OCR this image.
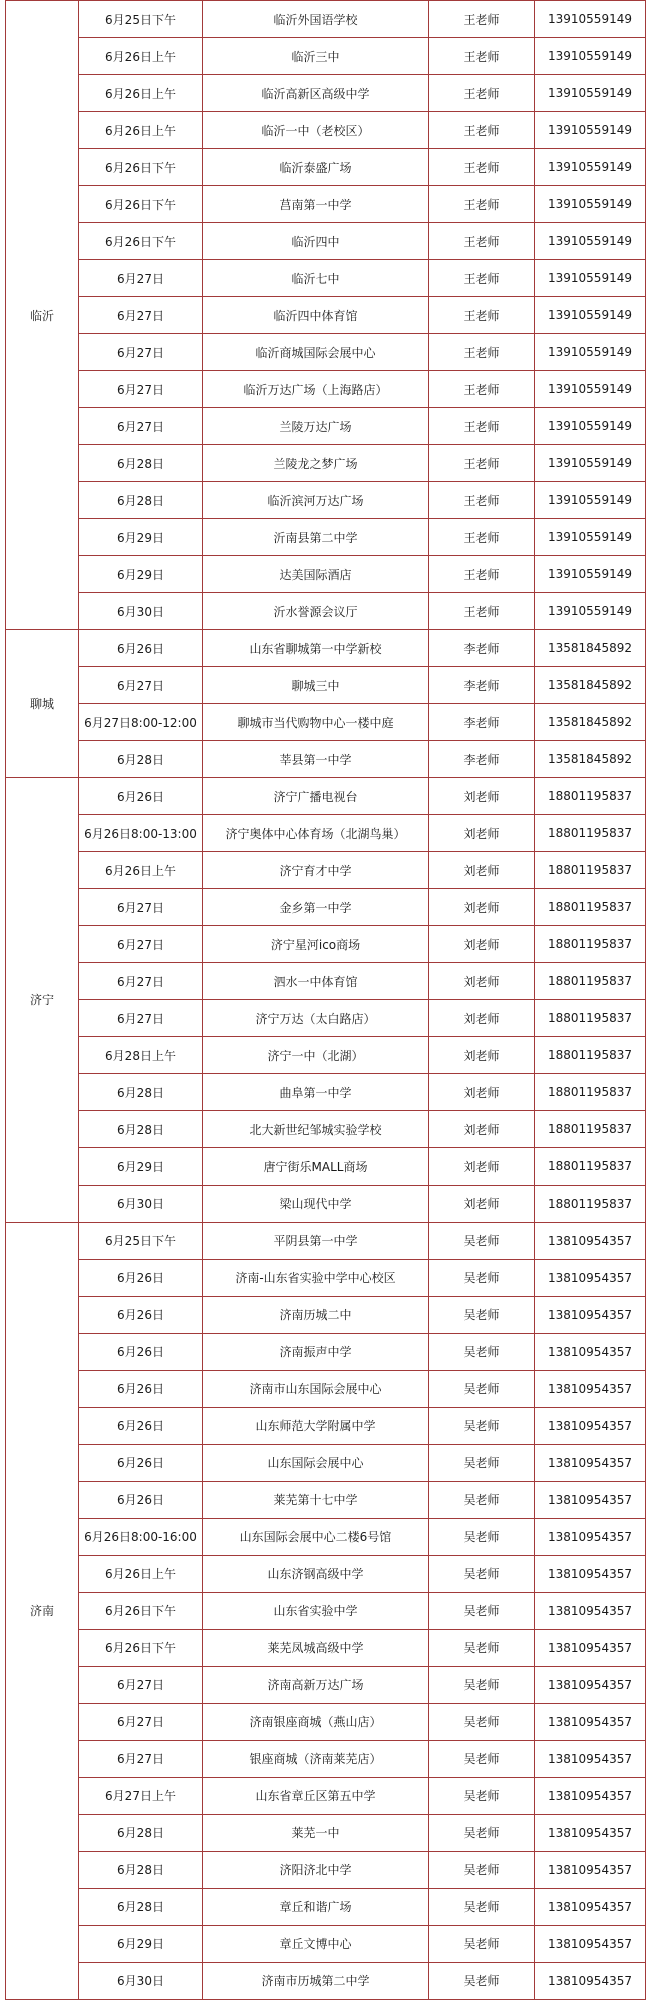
临沂	6月25日下午	临沂外国语学校	王老师	13910559149
	6月26日上午	临沂三中	王老师	13910559149
	6月26日上午	临沂高新区高级中学	王老师	13910559149
	6月26日上午	临沂一中（老校区）	王老师	13910559149
	6月26日下午	临沂泰盛广场	王老师	13910559149
	6月26日下午	莒南第一中学	王老师	13910559149
	6月26日下午	临沂四中	王老师	13910559149
	6月27日	临沂七中	王老师	13910559149
	6月27日	临沂四中体育馆	王老师	13910559149
	6月27日	临沂商城国际会展中心	王老师	13910559149
	6月27日	临沂万达广场（上海路店）	王老师	13910559149
	6月27日	兰陵万达广场	王老师	13910559149
	6月28日	兰陵龙之梦广场	王老师	13910559149
	6月28日	临沂滨河万达广场	王老师	13910559149
	6月29日	沂南县第二中学	王老师	13910559149
	6月29日	达美国际酒店	王老师	13910559149
	6月30日	沂水誉源会议厅	王老师	13910559149
聊城	6月26日	山东省聊城第一中学新校	李老师	13581845892
	6月27日	聊城三中	李老师	13581845892
	6月27日8:00-12:00	聊城市当代购物中心一楼中庭	李老师	13581845892
	6月28日	莘县第一中学	李老师	13581845892
济宁	6月26日	济宁广播电视台	刘老师	18801195837
	6月26日8:00-13:00	济宁奥体中心体育场（北湖鸟巢）	刘老师	18801195837
	6月26日上午	济宁育才中学	刘老师	18801195837
	6月27日	金乡第一中学	刘老师	18801195837
	6月27日	济宁星河ico商场	刘老师	18801195837
	6月27日	泗水一中体育馆	刘老师	18801195837
	6月27日	济宁万达（太白路店）	刘老师	18801195837
	6月28日上午	济宁一中（北湖）	刘老师	18801195837
	6月28日	曲阜第一中学	刘老师	18801195837
	6月28日	北大新世纪邹城实验学校	刘老师	18801195837
	6月29日	唐宁街乐MALL商场	刘老师	18801195837
	6月30日	梁山现代中学	刘老师	18801195837
济南	6月25日下午	平阴县第一中学	吴老师	13810954357
	6月26日	济南-山东省实验中学中心校区	吴老师	13810954357
	6月26日	济南历城二中	吴老师	13810954357
	6月26日	济南振声中学	吴老师	13810954357
	6月26日	济南市山东国际会展中心	吴老师	13810954357
	6月26日	山东师范大学附属中学	吴老师	13810954357
	6月26日	山东国际会展中心	吴老师	13810954357
	6月26日	莱芜第十七中学	吴老师	13810954357
	6月26日8:00-16:00	山东国际会展中心二楼6号馆	吴老师	13810954357
	6月26日上午	山东济钢高级中学	吴老师	13810954357
	6月26日下午	山东省实验中学	吴老师	13810954357
	6月26日下午	莱芜凤城高级中学	吴老师	13810954357
	6月27日	济南高新万达广场	吴老师	13810954357
	6月27日	济南银座商城（燕山店）	吴老师	13810954357
	6月27日	银座商城（济南莱芜店）	吴老师	13810954357
	6月27日上午	山东省章丘区第五中学	吴老师	13810954357
	6月28日	莱芜一中	吴老师	13810954357
	6月28日	济阳济北中学	吴老师	13810954357
	6月28日	章丘和谐广场	吴老师	13810954357
	6月29日	章丘文博中心	吴老师	13810954357
	6月30日	济南市历城第二中学	吴老师	13810954357
